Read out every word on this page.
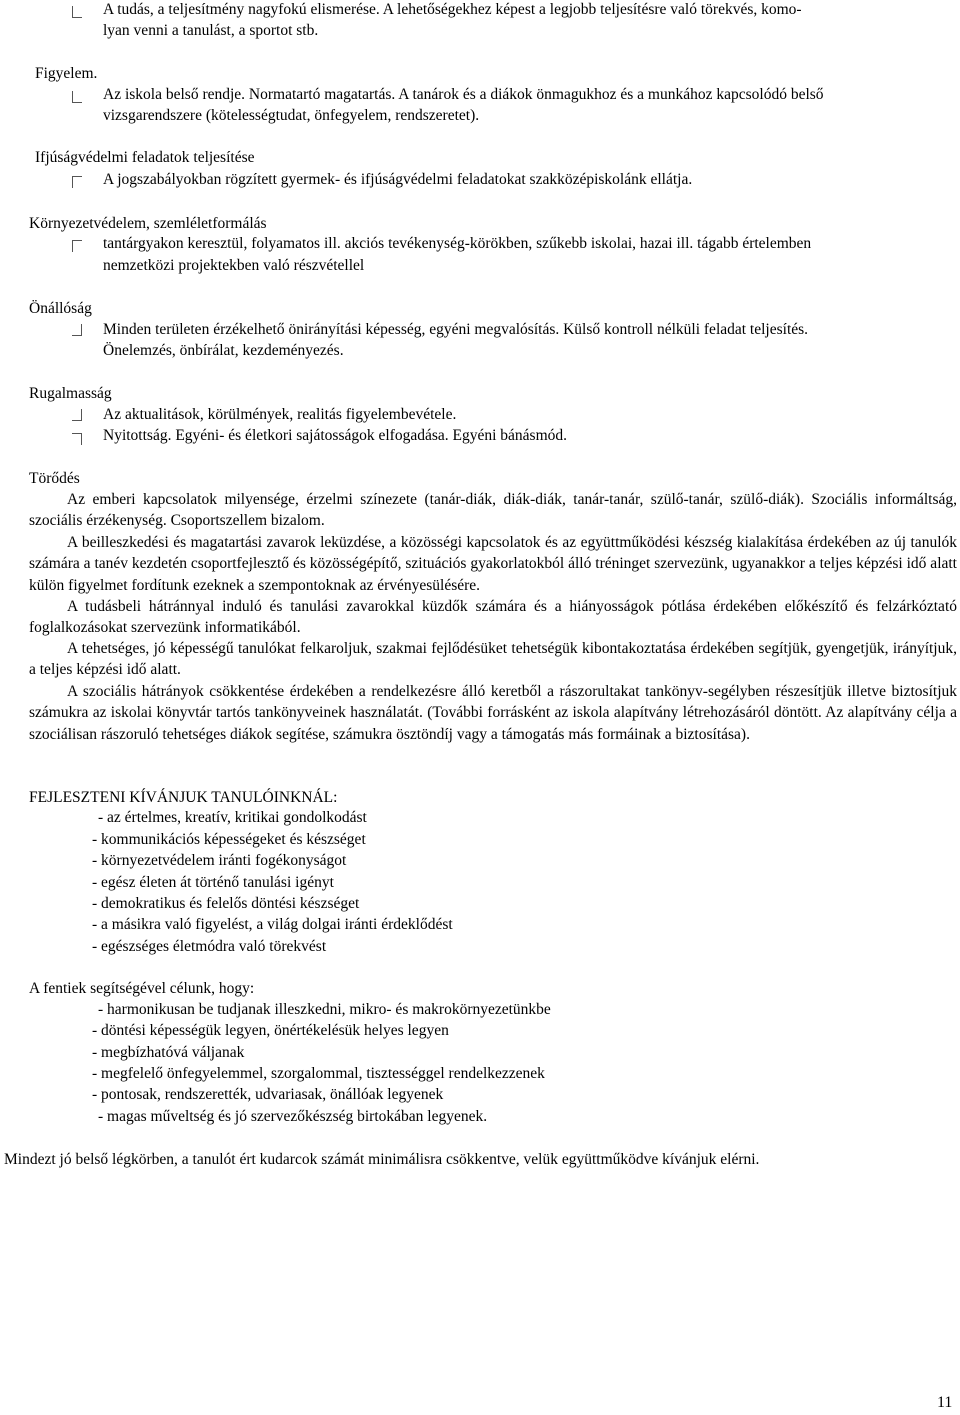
A tudás, a teljesítmény nagyfokú elismerése. A lehetőségekhez képest a legjobb teljesítésre való törekvés, komo-
lyan venni a tanulást, a sportot stb.
Figyelem.
Az iskola belső rendje. Normatartó magatartás. A tanárok és a diákok önmagukhoz és a munkához kapcsolódó belső
vizsgarendszere (kötelességtudat, önfegyelem, rendszeretet).
Ifjúságvédelmi feladatok teljesítése
A jogszabályokban rögzített gyermek- és ifjúságvédelmi feladatokat szakközépiskolánk ellátja.
Környezetvédelem, szemléletformálás
tantárgyakon keresztül, folyamatos ill. akciós tevékenység-körökben, szűkebb iskolai, hazai ill. tágabb értelemben
nemzetközi projektekben való részvétellel
Önállóság
Minden területen érzékelhető önirányítási képesség, egyéni megvalósítás. Külső kontroll nélküli feladat teljesítés.
Önelemzés, önbírálat, kezdeményezés.
Rugalmasság
Az aktualitások, körülmények, realitás figyelembevétele.
Nyitottság. Egyéni- és életkori sajátosságok elfogadása. Egyéni bánásmód.
Törődés
Az emberi kapcsolatok milyensége, érzelmi színezete (tanár-diák, diák-diák, tanár-tanár, szülő-tanár, szülő-diák). Szociális informáltság, szociális érzékenység. Csoportszellem bizalom.
A beilleszkedési és magatartási zavarok leküzdése, a közösségi kapcsolatok és az együttműködési készség kialakítása érdekében az új tanulók számára a tanév kezdetén csoportfejlesztő és közösségépítő, szituációs gyakorlatokból álló tréninget szervezünk, ugyanakkor a teljes képzési idő alatt külön figyelmet fordítunk ezeknek a szempontoknak az érvényesülésére.
A tudásbeli hátránnyal induló és tanulási zavarokkal küzdők számára és a hiányosságok pótlása érdekében előkészítő és felzárkóztató foglalkozásokat szervezünk informatikából.
A tehetséges, jó képességű tanulókat felkaroljuk, szakmai fejlődésüket tehetségük kibontakoztatása érdekében segítjük, gyengetjük, irányítjuk, a teljes képzési idő alatt.
A szociális hátrányok csökkentése érdekében a rendelkezésre álló keretből a rászorultakat tankönyv-segélyben részesítjük illetve biztosítjuk számukra az iskolai könyvtár tartós tankönyveinek használatát. (További forrásként az iskola alapítvány létrehozásáról döntött. Az alapítvány célja a szociálisan rászoruló tehetséges diákok segítése, számukra ösztöndíj vagy a támogatás más formáinak a biztosítása).
FEJLESZTENI KÍVÁNJUK TANULÓINKNÁL:
- az értelmes, kreatív, kritikai gondolkodást
- kommunikációs képességeket és készséget
- környezetvédelem iránti fogékonyságot
- egész életen át történő tanulási igényt
- demokratikus és felelős döntési készséget
- a másikra való figyelést, a világ dolgai iránti érdeklődést
- egészséges életmódra való törekvést
A fentiek segítségével célunk, hogy:
- harmonikusan be tudjanak illeszkedni, mikro- és makrokörnyezetünkbe
- döntési képességük legyen, önértékelésük helyes legyen
- megbízhatóvá váljanak
- megfelelő önfegyelemmel, szorgalommal, tisztességgel rendelkezzenek
- pontosak, rendszerették, udvariasak, önállóak legyenek
- magas műveltség és jó szervezőkészség birtokában legyenek.
Mindezt jó belső légkörben, a tanulót ért kudarcok számát minimálisra csökkentve, velük együttműködve kívánjuk elérni.
11
